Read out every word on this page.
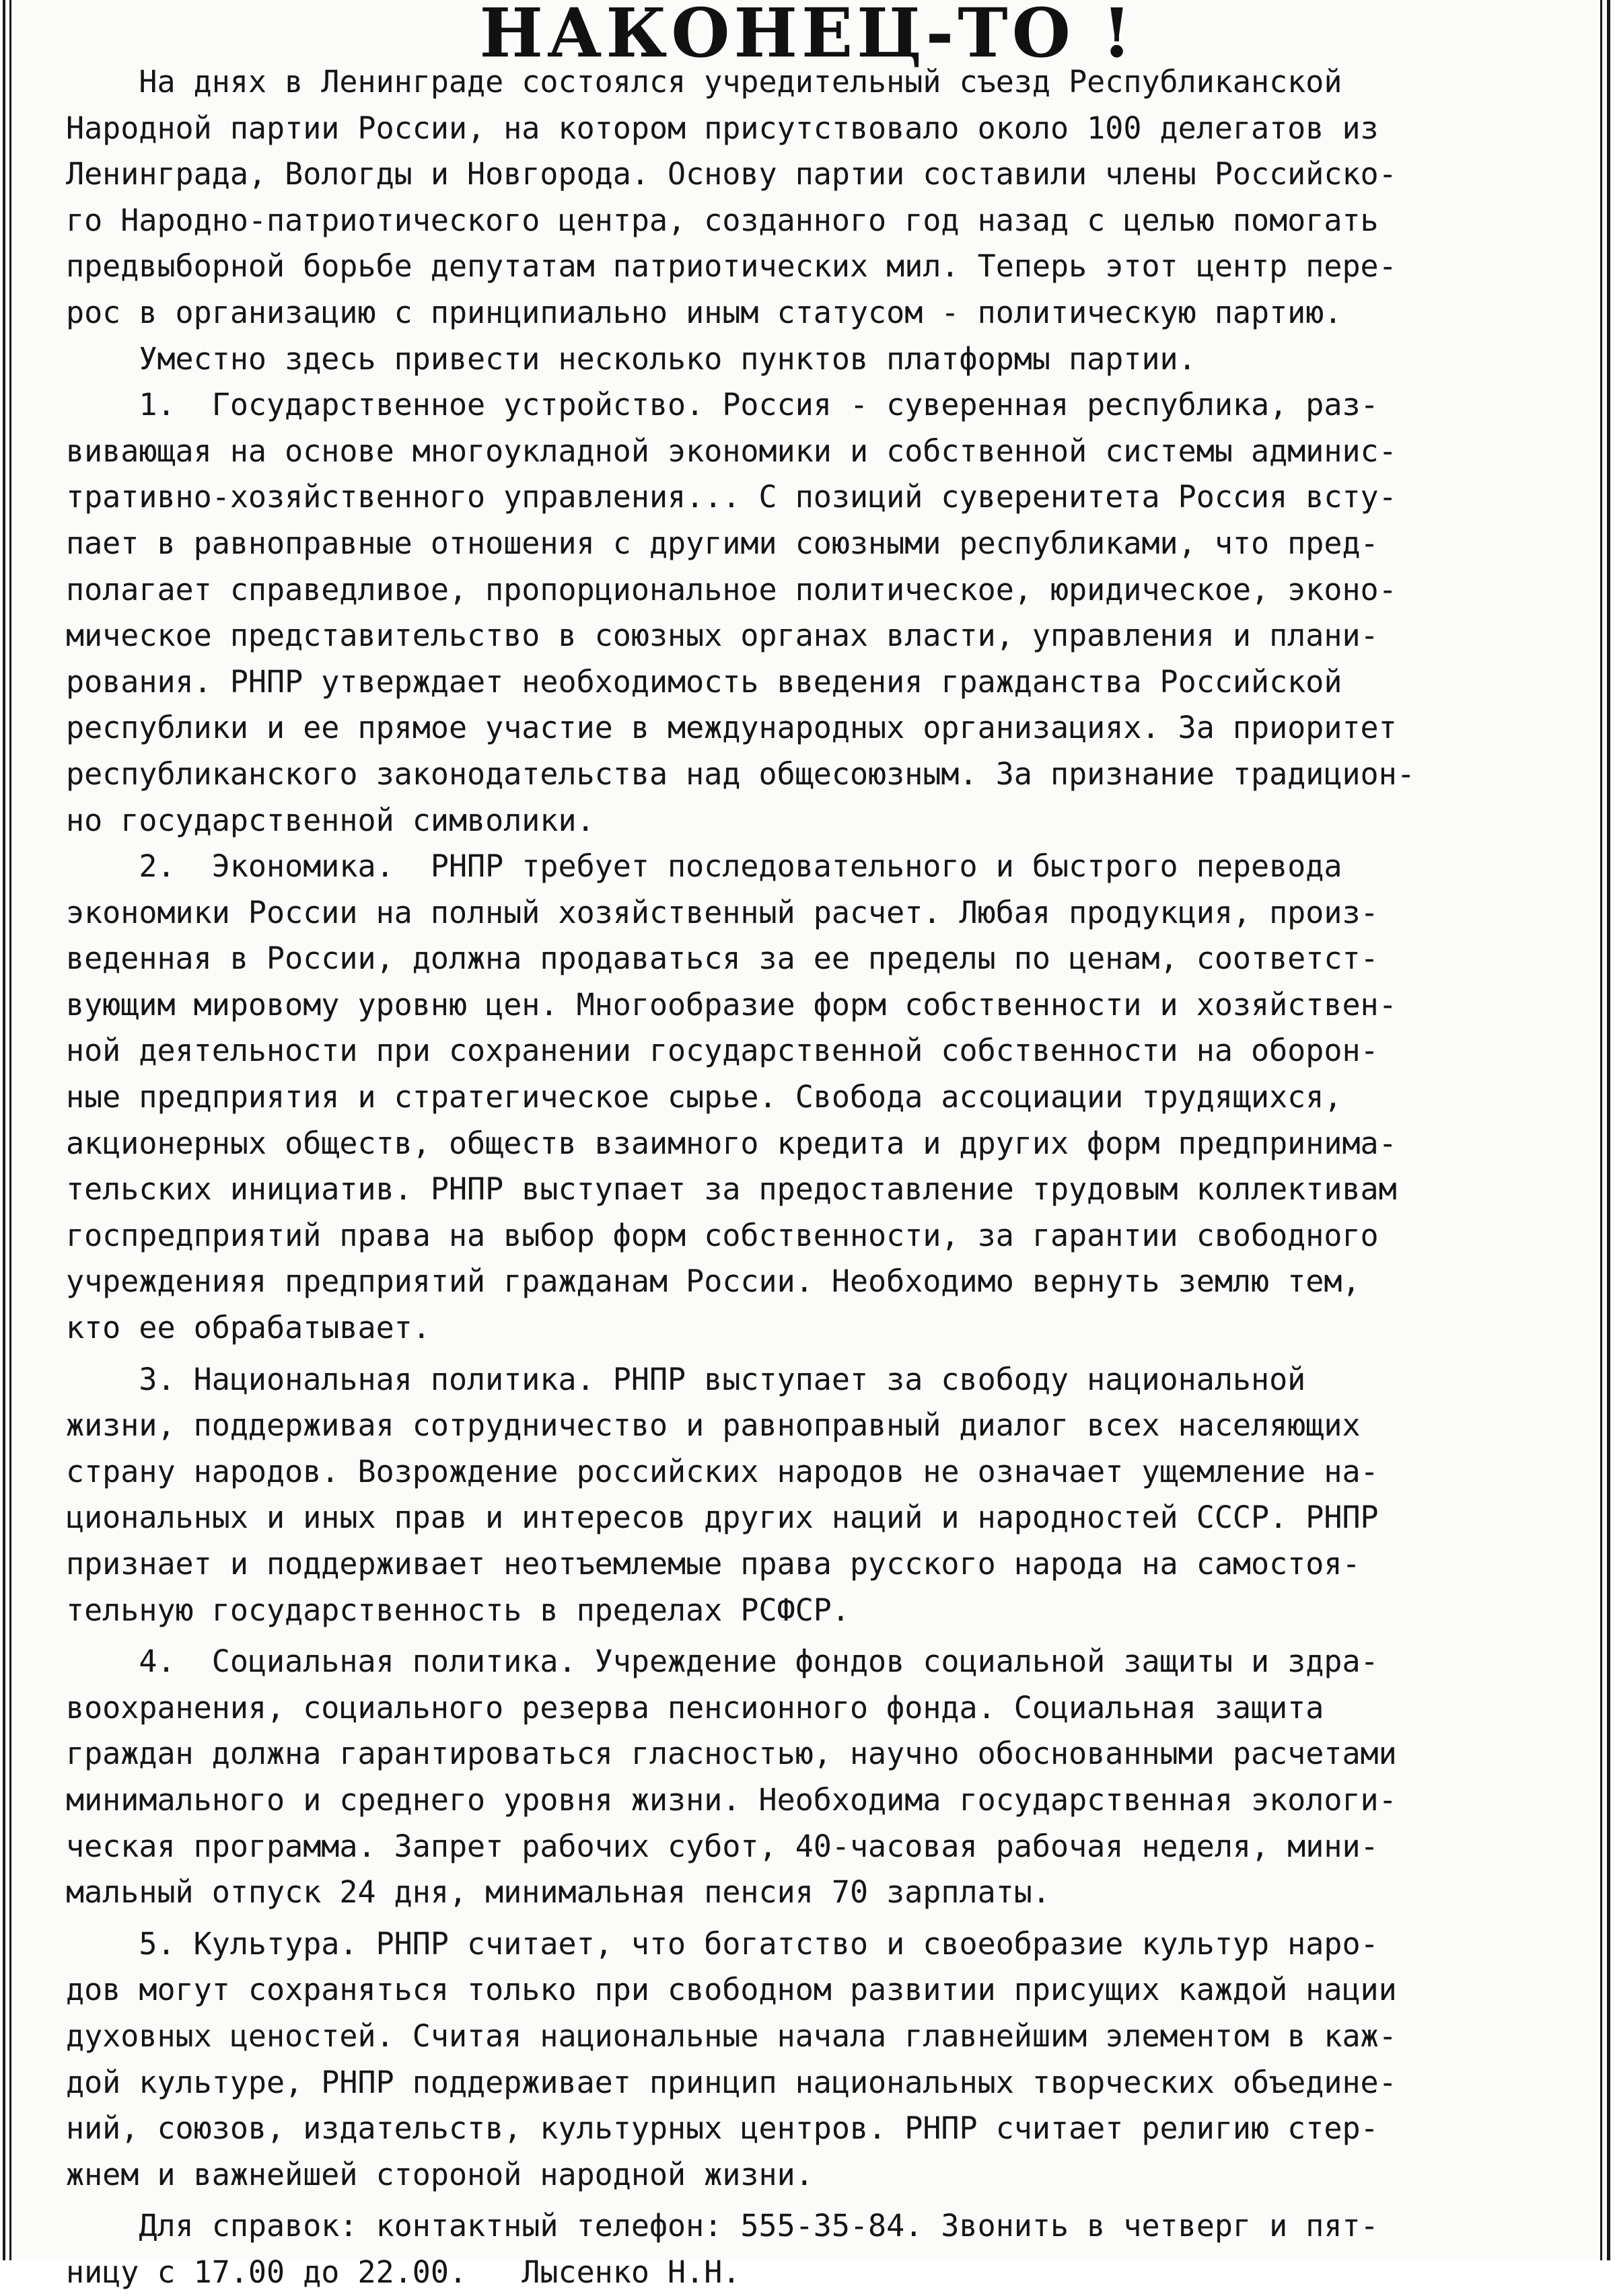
НАКОНЕЦ-ТО !

На днях в Ленинграде состоялся учредительный съезд Республиканской
Народной партии России, на котором присутствовало около 100 делегатов из
Ленинграда, Вологды и Новгорода. Основу партии составили члены Российско-
го Народно-патриотического центра, созданного год назад с целью помогать
предвыборной борьбе депутатам патриотических мил. Теперь этот центр пере-
рос в организацию с принципиально иным статусом - политическую партию.

Уместно здесь привести несколько пунктов платформы партии.

1.  Государственное устройство. Россия - суверенная республика, раз-
вивающая на основе многоукладной экономики и собственной системы админис-
тративно-хозяйственного управления... С позиций суверенитета Россия всту-
пает в равноправные отношения с другими союзными республиками, что пред-
полагает справедливое, пропорциональное политическое, юридическое, эконо-
мическое представительство в союзных органах власти, управления и плани-
рования. РНПР утверждает необходимость введения гражданства Российской
республики и ее прямое участие в международных организациях. За приоритет
республиканского законодательства над общесоюзным. За признание традицион-
но государственной символики.

2.  Экономика.  РНПР требует последовательного и быстрого перевода
экономики России на полный хозяйственный расчет. Любая продукция, произ-
веденная в России, должна продаваться за ее пределы по ценам, соответст-
вующим мировому уровню цен. Многообразие форм собственности и хозяйствен-
ной деятельности при сохранении государственной собственности на оборон-
ные предприятия и стратегическое сырье. Свобода ассоциации трудящихся,
акционерных обществ, обществ взаимного кредита и других форм предпринима-
тельских инициатив. РНПР выступает за предоставление трудовым коллективам
госпредприятий права на выбор форм собственности, за гарантии свободного
учрежденияя предприятий гражданам России. Необходимо вернуть землю тем,
кто ее обрабатывает.

3. Национальная политика. РНПР выступает за свободу национальной
жизни, поддерживая сотрудничество и равноправный диалог всех населяющих
страну народов. Возрождение российских народов не означает ущемление на-
циональных и иных прав и интересов других наций и народностей СССР. РНПР
признает и поддерживает неотъемлемые права русского народа на самостоя-
тельную государственность в пределах РСФСР.

4.  Социальная политика. Учреждение фондов социальной защиты и здра-
воохранения, социального резерва пенсионного фонда. Социальная защита
граждан должна гарантироваться гласностью, научно обоснованными расчетами
минимального и среднего уровня жизни. Необходима государственная экологи-
ческая программа. Запрет рабочих субот, 40-часовая рабочая неделя, мини-
мальный отпуск 24 дня, минимальная пенсия 70 зарплаты.

5. Культура. РНПР считает, что богатство и своеобразие культур наро-
дов могут сохраняться только при свободном развитии присущих каждой нации
духовных ценостей. Считая национальные начала главнейшим элементом в каж-
дой культуре, РНПР поддерживает принцип национальных творческих объедине-
ний, союзов, издательств, культурных центров. РНПР считает религию стер-
жнем и важнейшей стороной народной жизни.

Для справок: контактный телефон: 555-35-84. Звонить в четверг и пят-
ницу с 17.00 до 22.00.   Лысенко Н.Н.
